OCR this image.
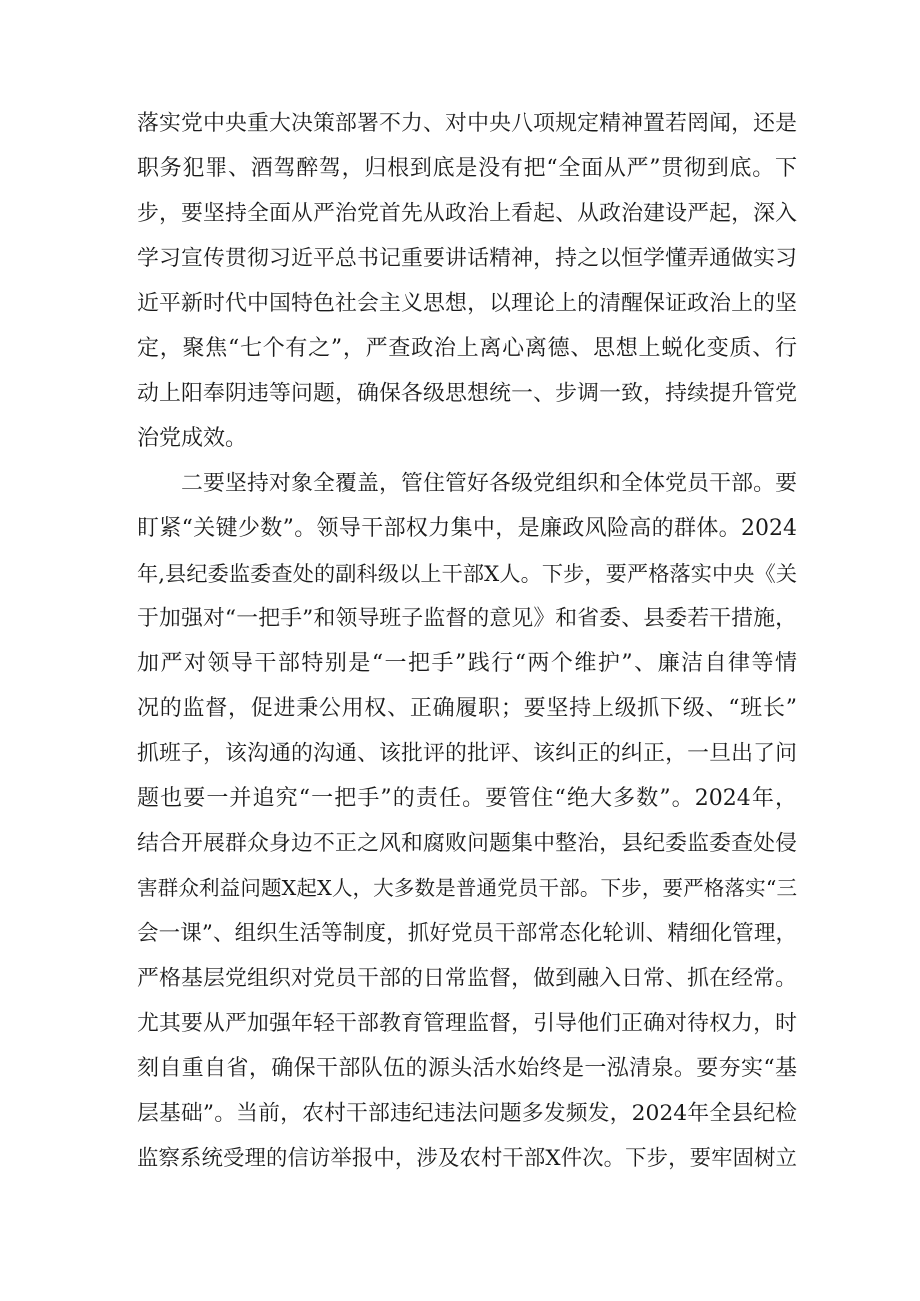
落实党中央重大决策部署不力、对中央八项规定精神置若罔闻，还是
职务犯罪、酒驾醉驾，归根到底是没有把“全面从严”贯彻到底。下
步，要坚持全面从严治党首先从政治上看起、从政治建设严起，深入
学习宣传贯彻习近平总书记重要讲话精神，持之以恒学懂弄通做实习
近平新时代中国特色社会主义思想，以理论上的清醒保证政治上的坚
定，聚焦“七个有之”，严查政治上离心离德、思想上蜕化变质、行
动上阳奉阴违等问题，确保各级思想统一、步调一致，持续提升管党
治党成效。
二要坚持对象全覆盖，管住管好各级党组织和全体党员干部。要
盯紧“关键少数”。领导干部权力集中，是廉政风险高的群体。2024
年,县纪委监委查处的副科级以上干部X人。下步，要严格落实中央《关
于加强对“一把手”和领导班子监督的意见》和省委、县委若干措施，
加严对领导干部特别是“一把手”践行“两个维护”、廉洁自律等情
况的监督，促进秉公用权、正确履职；要坚持上级抓下级、“班长”
抓班子，该沟通的沟通、该批评的批评、该纠正的纠正，一旦出了问
题也要一并追究“一把手”的责任。要管住“绝大多数”。2024年，
结合开展群众身边不正之风和腐败问题集中整治，县纪委监委查处侵
害群众利益问题X起X人，大多数是普通党员干部。下步，要严格落实“三
会一课”、组织生活等制度，抓好党员干部常态化轮训、精细化管理，
严格基层党组织对党员干部的日常监督，做到融入日常、抓在经常。
尤其要从严加强年轻干部教育管理监督，引导他们正确对待权力，时
刻自重自省，确保干部队伍的源头活水始终是一泓清泉。要夯实“基
层基础”。当前，农村干部违纪违法问题多发频发，2024年全县纪检
监察系统受理的信访举报中，涉及农村干部X件次。下步，要牢固树立
